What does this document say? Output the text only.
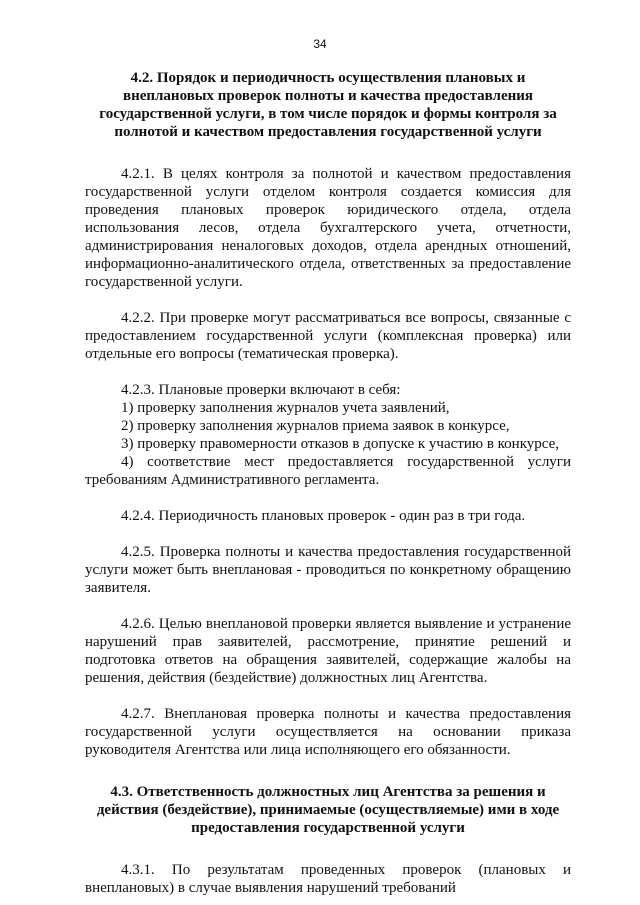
34

4.2. Порядок и периодичность осуществления плановых и внеплановых проверок полноты и качества предоставления государственной услуги, в том числе порядок и формы контроля за полнотой и качеством предоставления государственной услуги

4.2.1. В целях контроля за полнотой и качеством предоставления государственной услуги отделом контроля создается комиссия для проведения плановых проверок юридического отдела, отдела использования лесов, отдела бухгалтерского учета, отчетности, администрирования неналоговых доходов, отдела арендных отношений, информационно-аналитического отдела, ответственных за предоставление государственной услуги.

4.2.2. При проверке могут рассматриваться все вопросы, связанные с предоставлением государственной услуги (комплексная проверка) или отдельные его вопросы (тематическая проверка).

4.2.3. Плановые проверки включают в себя:

1) проверку заполнения журналов учета заявлений,

2) проверку заполнения журналов приема заявок в конкурсе,

3) проверку правомерности отказов в допуске к участию в конкурсе,

4) соответствие мест предоставляется государственной услуги требованиям Административного регламента.

4.2.4. Периодичность плановых проверок - один раз в три года.

4.2.5. Проверка полноты и качества предоставления государственной услуги может быть внеплановая - проводиться по конкретному обращению заявителя.

4.2.6. Целью внеплановой проверки является выявление и устранение нарушений прав заявителей, рассмотрение, принятие решений и подготовка ответов на обращения заявителей, содержащие жалобы на решения, действия (бездействие) должностных лиц Агентства.

4.2.7. Внеплановая проверка полноты и качества предоставления государственной услуги осуществляется на основании приказа руководителя Агентства или лица исполняющего его обязанности.

4.3. Ответственность должностных лиц Агентства за решения и действия (бездействие), принимаемые (осуществляемые) ими в ходе предоставления государственной услуги

4.3.1. По результатам проведенных проверок (плановых и внеплановых) в случае выявления нарушений требований
